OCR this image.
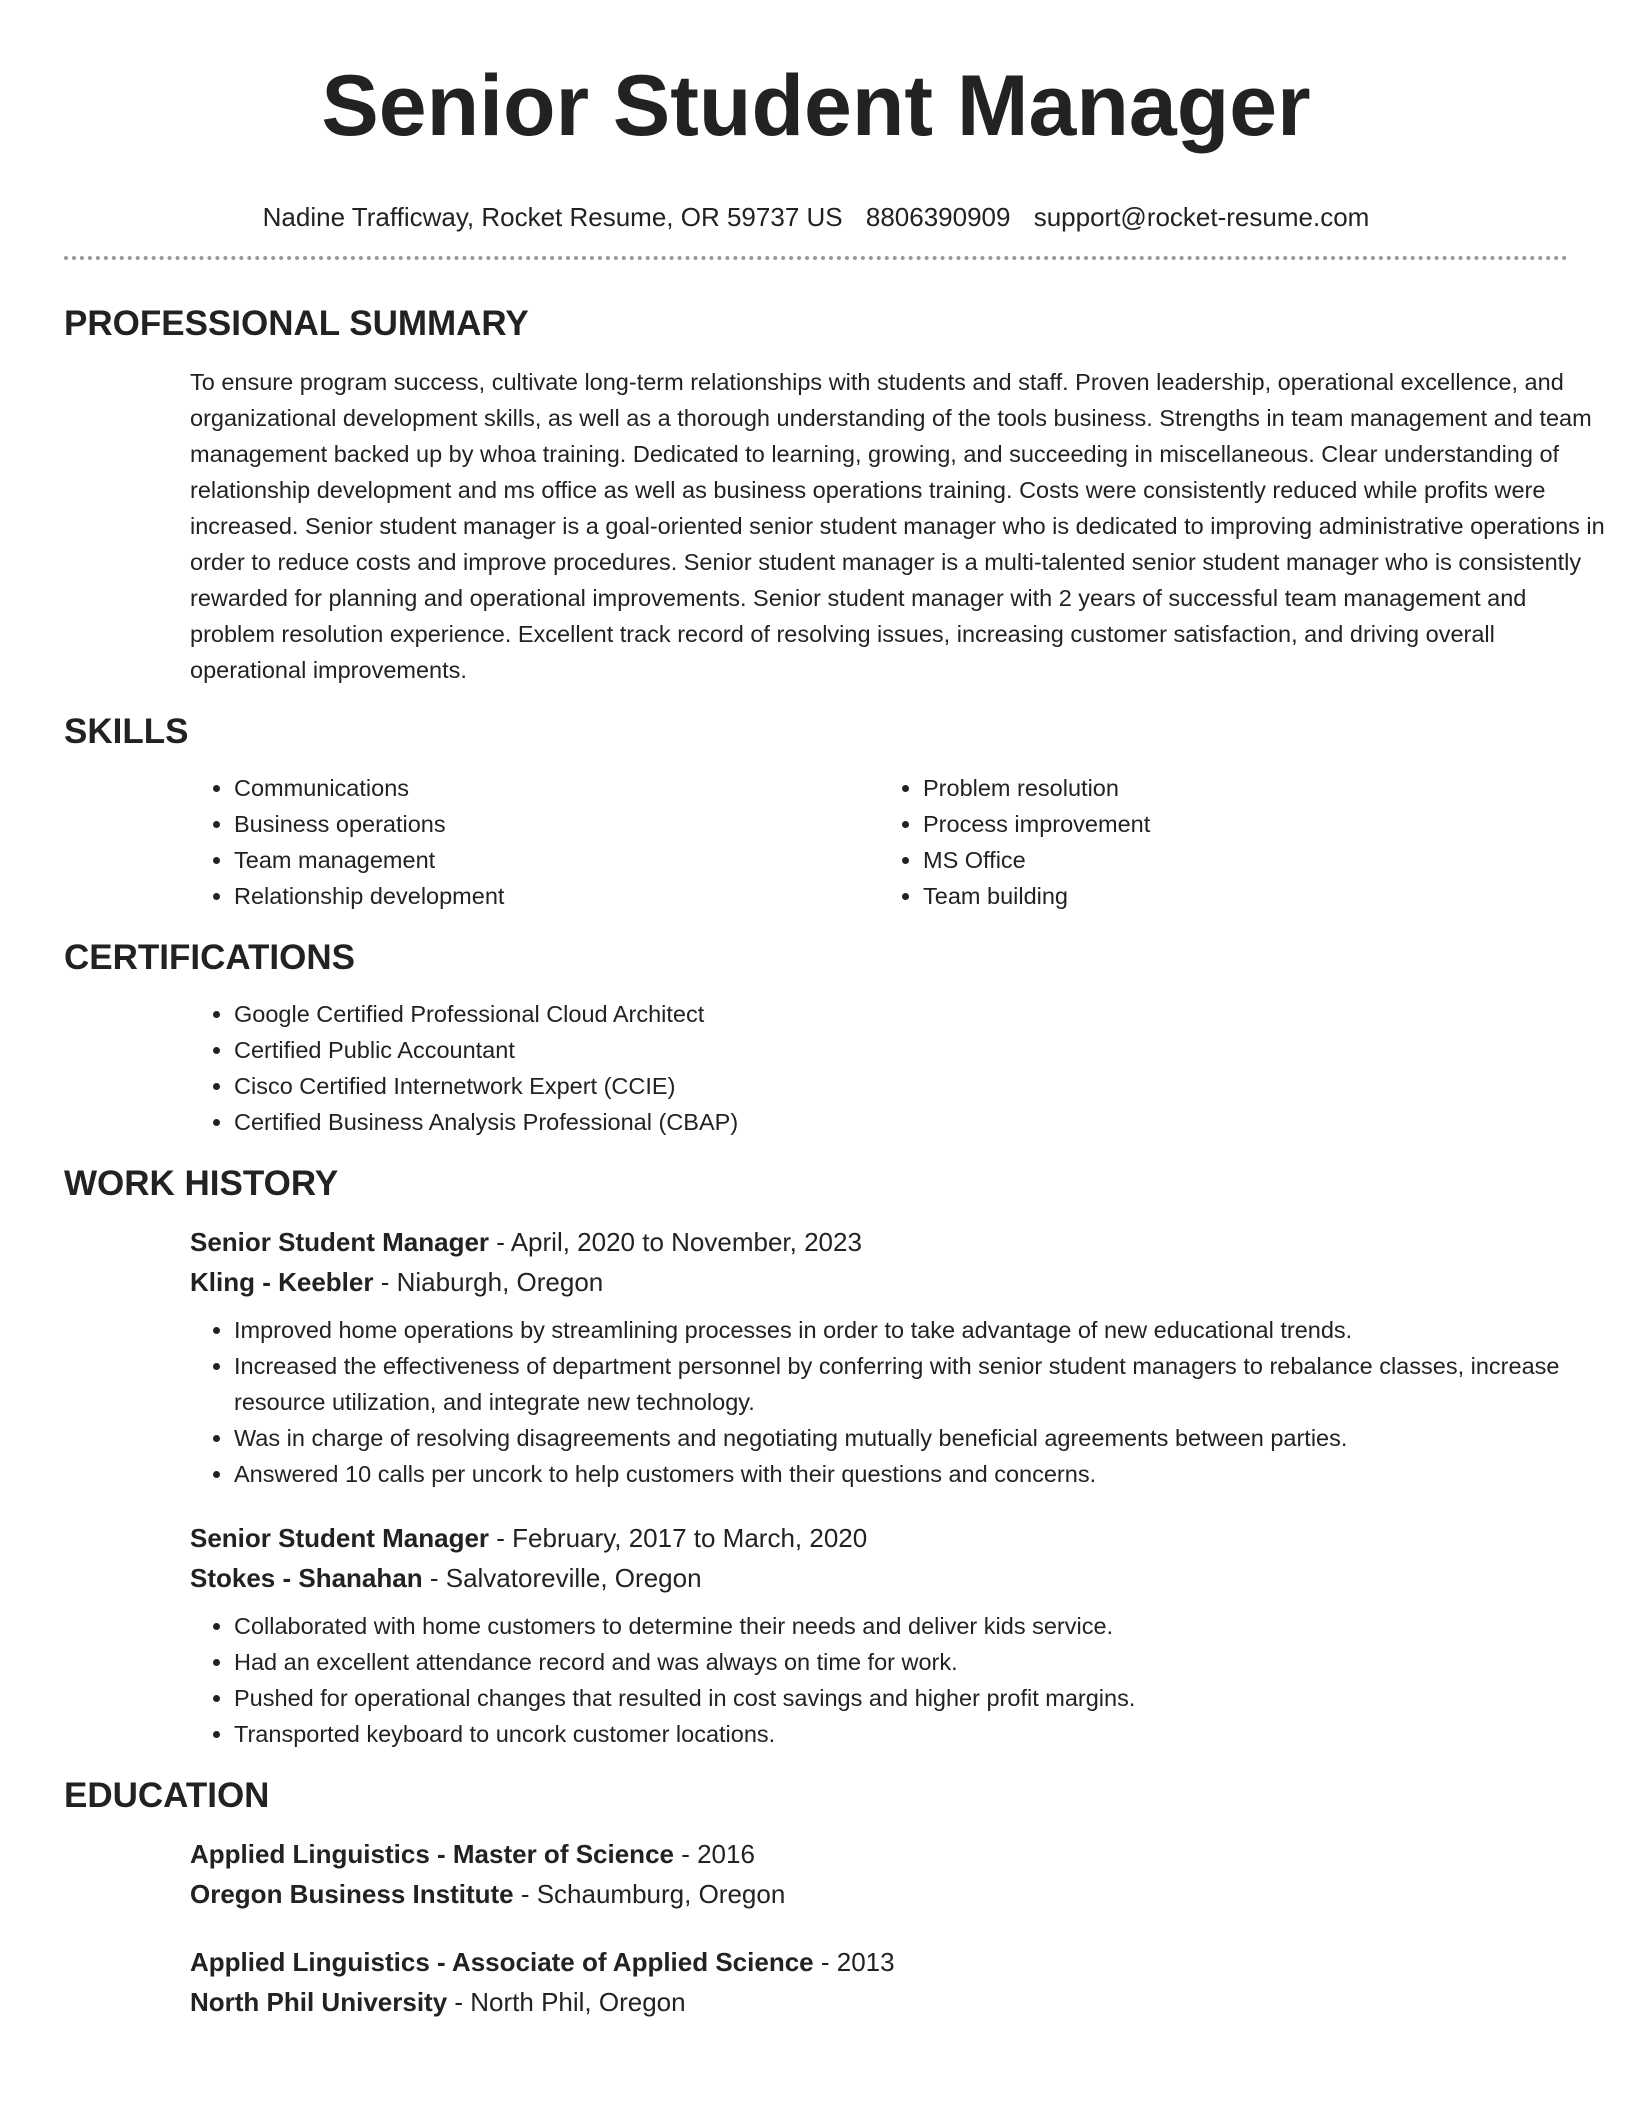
Senior Student Manager
Nadine Trafficway, Rocket Resume, OR 59737 US 8806390909 support@rocket-resume.com
PROFESSIONAL SUMMARY

To ensure program success, cultivate long-term relationships with students and staff. Proven leadership, operational excellence, and organizational development skills, as well as a thorough understanding of the tools business. Strengths in team management and team management backed up by whoa training. Dedicated to learning, growing, and succeeding in miscellaneous. Clear understanding of relationship development and ms office as well as business operations training. Costs were consistently reduced while profits were increased. Senior student manager is a goal-oriented senior student manager who is dedicated to improving administrative operations in order to reduce costs and improve procedures. Senior student manager is a multi-talented senior student manager who is consistently rewarded for planning and operational improvements. Senior student manager with 2 years of successful team management and problem resolution experience. Excellent track record of resolving issues, increasing customer satisfaction, and driving overall operational improvements.

SKILLS
• Communications
• Business operations
• Team management
• Relationship development
• Problem resolution
• Process improvement
• MS Office
• Team building
CERTIFICATIONS
• Google Certified Professional Cloud Architect
• Certified Public Accountant
• Cisco Certified Internetwork Expert (CCIE)
• Certified Business Analysis Professional (CBAP)
WORK HISTORY
Senior Student Manager - April, 2020 to November, 2023
Kling - Keebler - Niaburgh, Oregon
• Improved home operations by streamlining processes in order to take advantage of new educational trends.
• Increased the effectiveness of department personnel by conferring with senior student managers to rebalance classes, increase resource utilization, and integrate new technology.
• Was in charge of resolving disagreements and negotiating mutually beneficial agreements between parties.
• Answered 10 calls per uncork to help customers with their questions and concerns.
Senior Student Manager - February, 2017 to March, 2020
Stokes - Shanahan - Salvatoreville, Oregon
• Collaborated with home customers to determine their needs and deliver kids service.
• Had an excellent attendance record and was always on time for work.
• Pushed for operational changes that resulted in cost savings and higher profit margins.
• Transported keyboard to uncork customer locations.
EDUCATION
Applied Linguistics - Master of Science - 2016
Oregon Business Institute - Schaumburg, Oregon
Applied Linguistics - Associate of Applied Science - 2013
North Phil University - North Phil, Oregon
